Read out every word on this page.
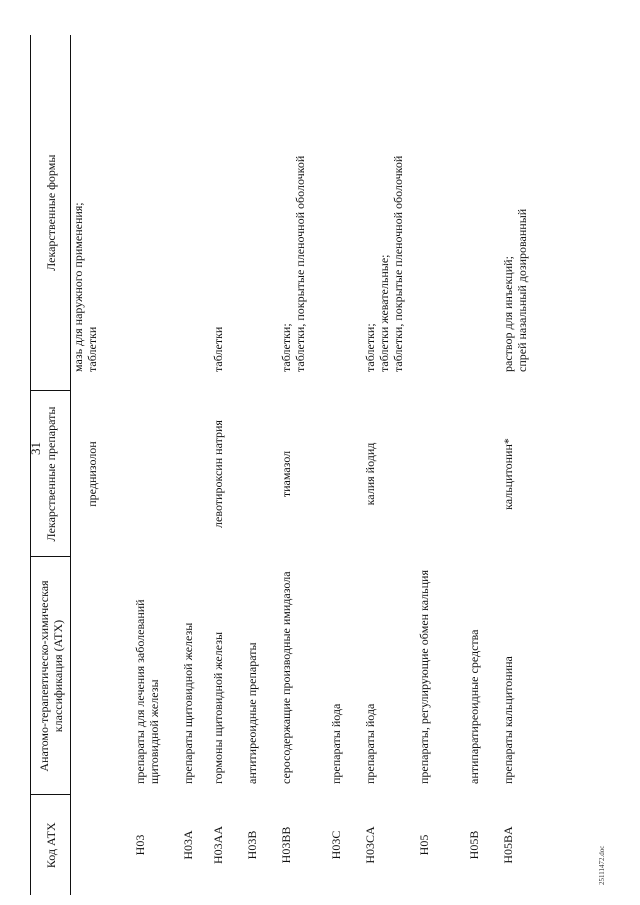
31
Код АТХ	Анатомо-терапевтическо-химическая классификация (АТХ)	Лекарственные препараты	Лекарственные формы
		преднизолон	мазь для наружного применения;
таблетки
H03	препараты для лечения заболеваний щитовидной железы		
H03A	препараты щитовидной железы		
H03AA	гормоны щитовидной железы	левотироксин натрия	таблетки
H03B	антитиреоидные препараты		
H03BB	серосодержащие производные имидазола	тиамазол	таблетки;
таблетки, покрытые пленочной оболочкой
H03C	препараты йода		
H03CA	препараты йода	калия йодид	таблетки;
таблетки жевательные;
таблетки, покрытые пленочной оболочкой
H05	препараты, регулирующие обмен кальция		
H05B	антипаратиреоидные средства		
H05BA	препараты кальцитонина	кальцитонин*	раствор для инъекций;
спрей назальный дозированный
25111472.doc
